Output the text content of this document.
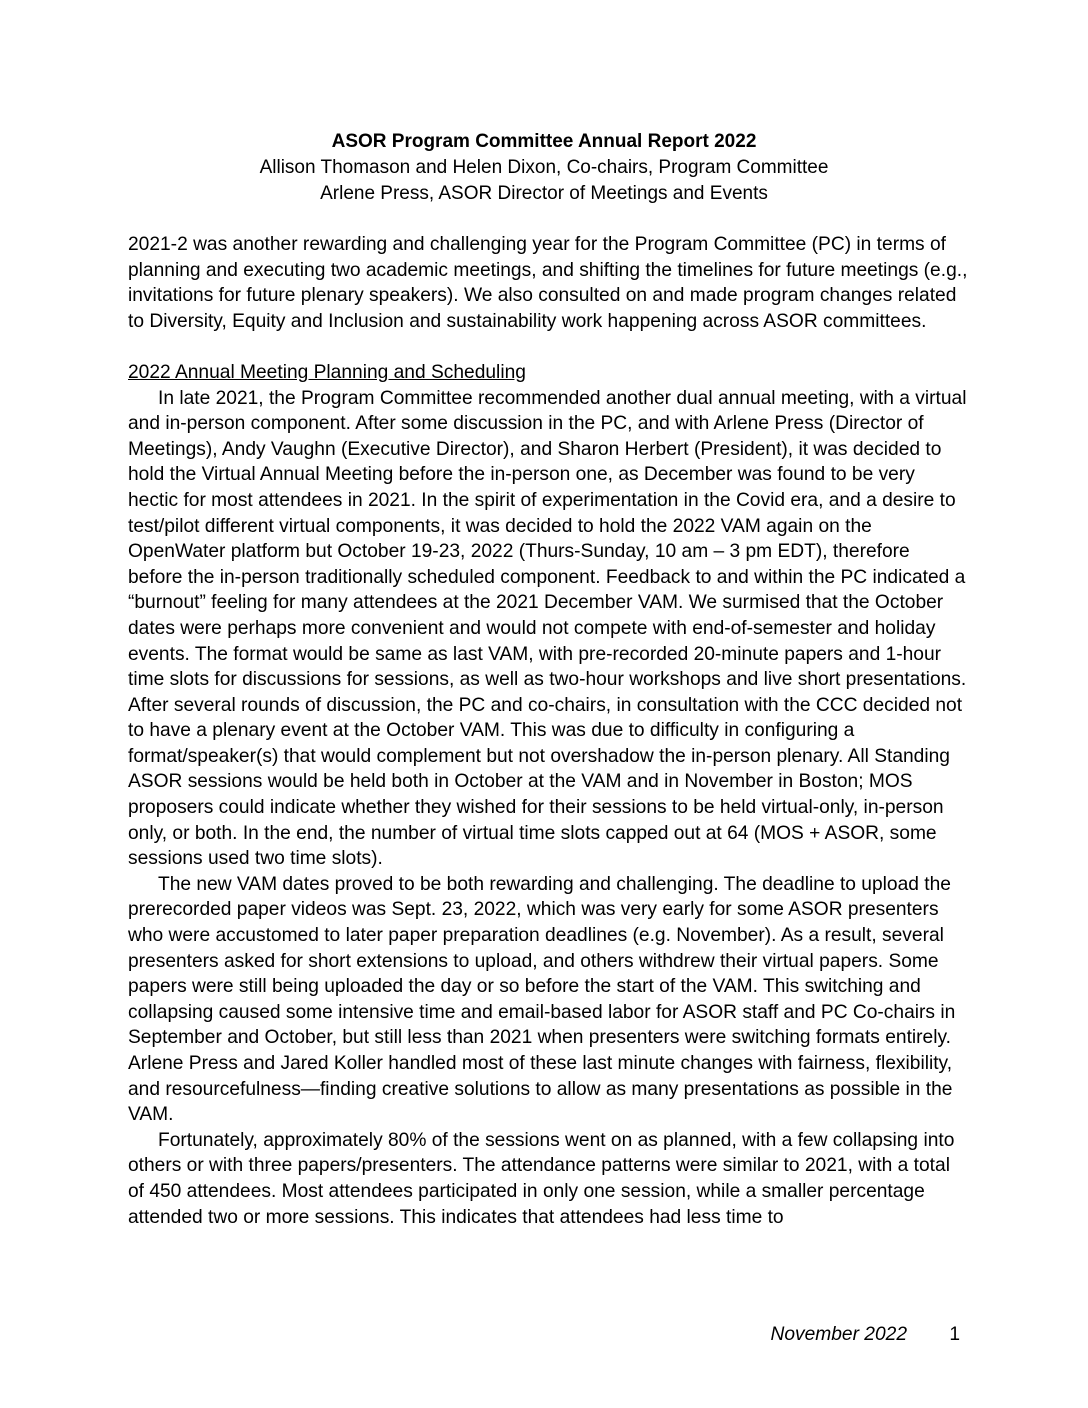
ASOR Program Committee Annual Report 2022
Allison Thomason and Helen Dixon, Co-chairs, Program Committee
Arlene Press, ASOR Director of Meetings and Events

2021-2 was another rewarding and challenging year for the Program Committee (PC) in terms of planning and executing two academic meetings, and shifting the timelines for future meetings (e.g., invitations for future plenary speakers). We also consulted on and made program changes related to Diversity, Equity and Inclusion and sustainability work happening across ASOR committees.

2022 Annual Meeting Planning and Scheduling

In late 2021, the Program Committee recommended another dual annual meeting, with a virtual and in-person component. After some discussion in the PC, and with Arlene Press (Director of Meetings), Andy Vaughn (Executive Director), and Sharon Herbert (President), it was decided to hold the Virtual Annual Meeting before the in-person one, as December was found to be very hectic for most attendees in 2021. In the spirit of experimentation in the Covid era, and a desire to test/pilot different virtual components, it was decided to hold the 2022 VAM again on the OpenWater platform but October 19-23, 2022 (Thurs-Sunday, 10 am – 3 pm EDT), therefore before the in-person traditionally scheduled component. Feedback to and within the PC indicated a “burnout” feeling for many attendees at the 2021 December VAM. We surmised that the October dates were perhaps more convenient and would not compete with end-of-semester and holiday events. The format would be same as last VAM, with pre-recorded 20-minute papers and 1-hour time slots for discussions for sessions, as well as two-hour workshops and live short presentations. After several rounds of discussion, the PC and co-chairs, in consultation with the CCC decided not to have a plenary event at the October VAM. This was due to difficulty in configuring a format/speaker(s) that would complement but not overshadow the in-person plenary. All Standing ASOR sessions would be held both in October at the VAM and in November in Boston; MOS proposers could indicate whether they wished for their sessions to be held virtual-only, in-person only, or both. In the end, the number of virtual time slots capped out at 64 (MOS + ASOR, some sessions used two time slots).

The new VAM dates proved to be both rewarding and challenging. The deadline to upload the prerecorded paper videos was Sept. 23, 2022, which was very early for some ASOR presenters who were accustomed to later paper preparation deadlines (e.g. November). As a result, several presenters asked for short extensions to upload, and others withdrew their virtual papers. Some papers were still being uploaded the day or so before the start of the VAM. This switching and collapsing caused some intensive time and email-based labor for ASOR staff and PC Co-chairs in September and October, but still less than 2021 when presenters were switching formats entirely. Arlene Press and Jared Koller handled most of these last minute changes with fairness, flexibility, and resourcefulness—finding creative solutions to allow as many presentations as possible in the VAM.

Fortunately, approximately 80% of the sessions went on as planned, with a few collapsing into others or with three papers/presenters. The attendance patterns were similar to 2021, with a total of 450 attendees. Most attendees participated in only one session, while a smaller percentage attended two or more sessions. This indicates that attendees had less time to

November 2022 1
